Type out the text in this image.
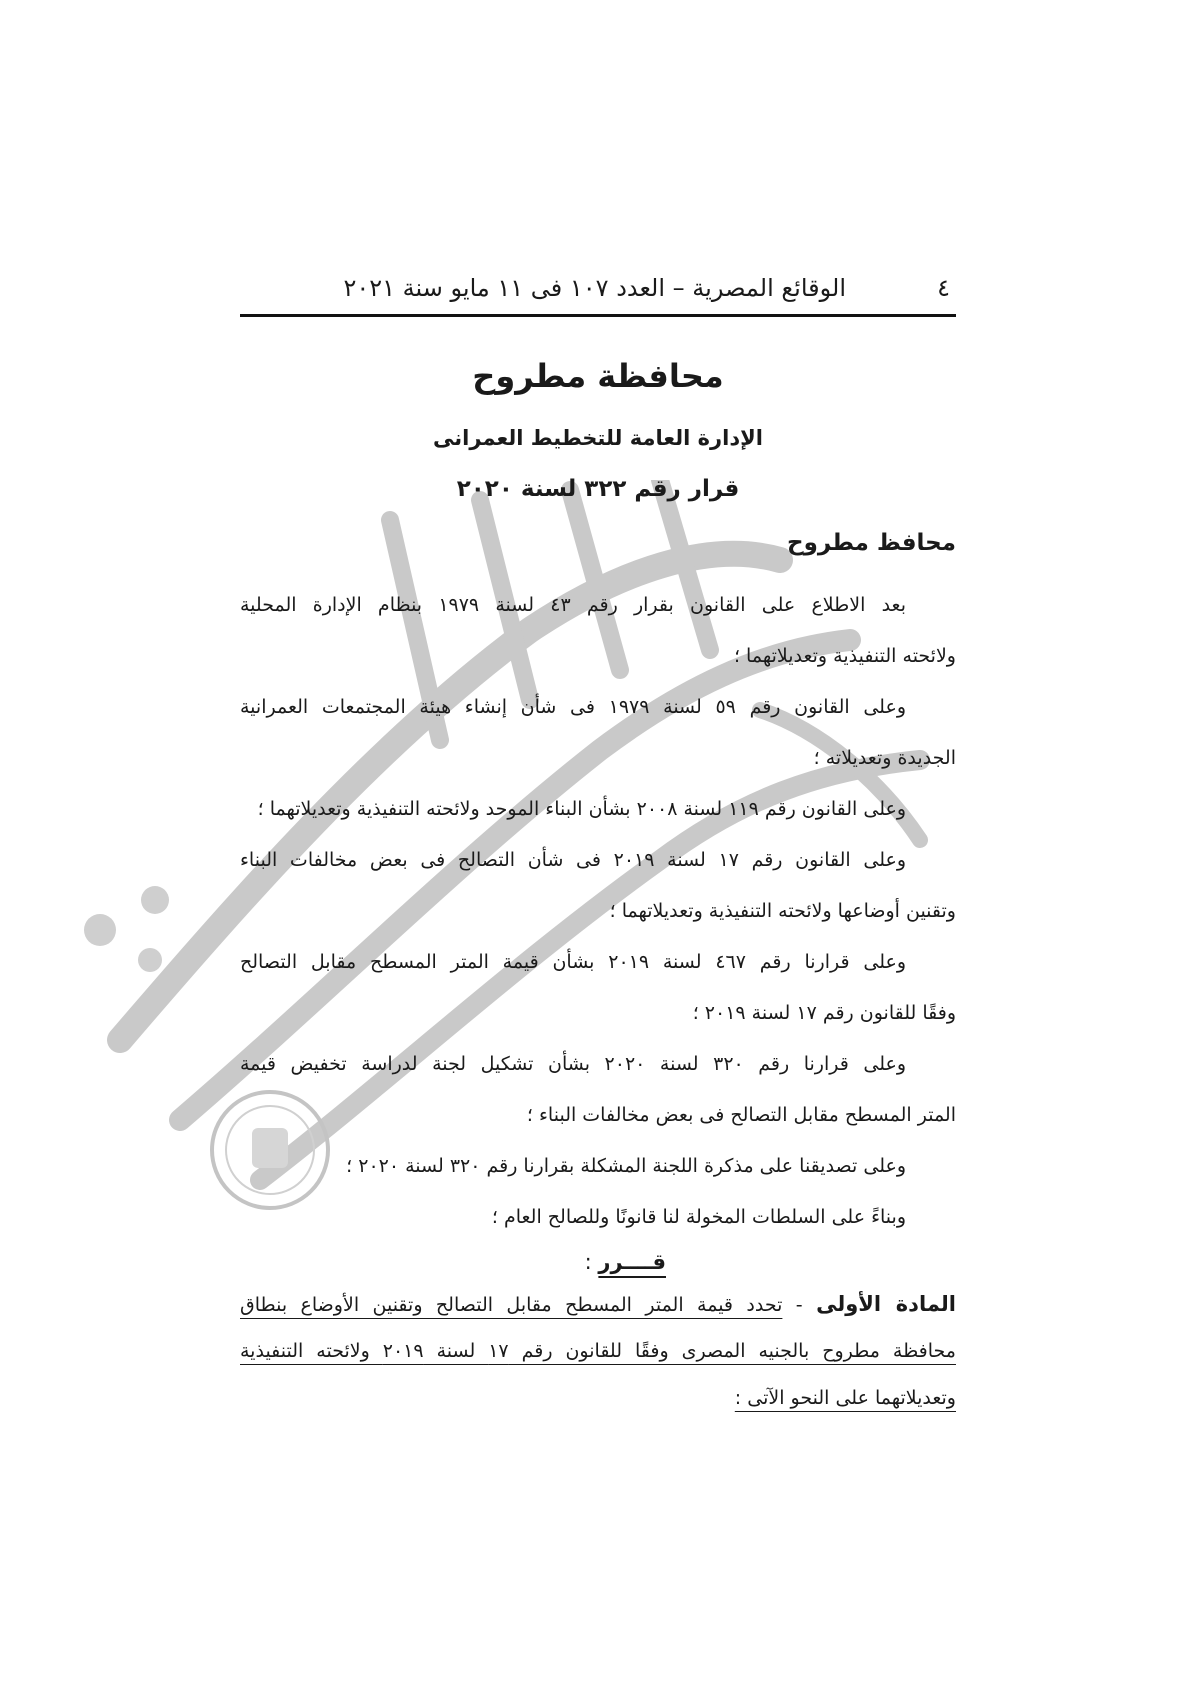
٤
الوقائع المصرية – العدد ١٠٧ فى ١١ مايو سنة ٢٠٢١
محافظة مطروح
الإدارة العامة للتخطيط العمرانى
قرار رقم ٣٢٢ لسنة ٢٠٢٠
محافظ مطروح
بعد الاطلاع على القانون بقرار رقم ٤٣ لسنة ١٩٧٩ بنظام الإدارة المحلية
ولائحته التنفيذية وتعديلاتهما ؛
وعلى القانون رقم ٥٩ لسنة ١٩٧٩ فى شأن إنشاء هيئة المجتمعات العمرانية
الجديدة وتعديلاته ؛
وعلى القانون رقم ١١٩ لسنة ٢٠٠٨ بشأن البناء الموحد ولائحته التنفيذية وتعديلاتهما ؛
وعلى القانون رقم ١٧ لسنة ٢٠١٩ فى شأن التصالح فى بعض مخالفات البناء
وتقنين أوضاعها ولائحته التنفيذية وتعديلاتهما ؛
وعلى قرارنا رقم ٤٦٧ لسنة ٢٠١٩ بشأن قيمة المتر المسطح مقابل التصالح
وفقًا للقانون رقم ١٧ لسنة ٢٠١٩ ؛
وعلى قرارنا رقم ٣٢٠ لسنة ٢٠٢٠ بشأن تشكيل لجنة لدراسة تخفيض قيمة
المتر المسطح مقابل التصالح فى بعض مخالفات البناء ؛
وعلى تصديقنا على مذكرة اللجنة المشكلة بقرارنا رقم ٣٢٠ لسنة ٢٠٢٠ ؛
وبناءً على السلطات المخولة لنا قانونًا وللصالح العام ؛
قــــرر :
المادة الأولى - تحدد قيمة المتر المسطح مقابل التصالح وتقنين الأوضاع بنطاق
محافظة مطروح بالجنيه المصرى وفقًا للقانون رقم ١٧ لسنة ٢٠١٩ ولائحته التنفيذية
وتعديلاتهما على النحو الآتى :
